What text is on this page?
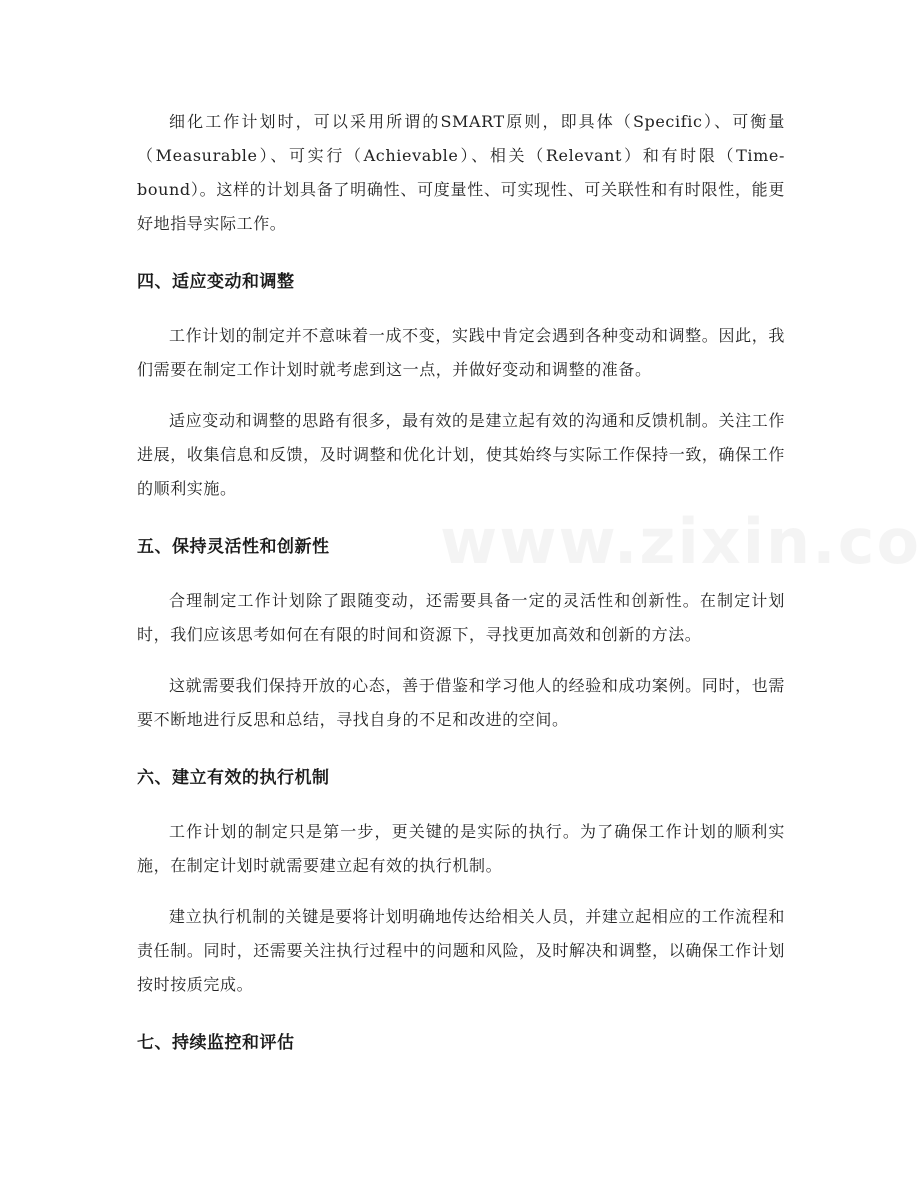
细化工作计划时，可以采用所谓的SMART原则，即具体（Specific）、可衡量（Measurable）、可实行（Achievable）、相关（Relevant）和有时限（Time-bound）。这样的计划具备了明确性、可度量性、可实现性、可关联性和有时限性，能更好地指导实际工作。

四、适应变动和调整

工作计划的制定并不意味着一成不变，实践中肯定会遇到各种变动和调整。因此，我们需要在制定工作计划时就考虑到这一点，并做好变动和调整的准备。

适应变动和调整的思路有很多，最有效的是建立起有效的沟通和反馈机制。关注工作进展，收集信息和反馈，及时调整和优化计划，使其始终与实际工作保持一致，确保工作的顺利实施。

五、保持灵活性和创新性

合理制定工作计划除了跟随变动，还需要具备一定的灵活性和创新性。在制定计划时，我们应该思考如何在有限的时间和资源下，寻找更加高效和创新的方法。

这就需要我们保持开放的心态，善于借鉴和学习他人的经验和成功案例。同时，也需要不断地进行反思和总结，寻找自身的不足和改进的空间。

六、建立有效的执行机制

工作计划的制定只是第一步，更关键的是实际的执行。为了确保工作计划的顺利实施，在制定计划时就需要建立起有效的执行机制。

建立执行机制的关键是要将计划明确地传达给相关人员，并建立起相应的工作流程和责任制。同时，还需要关注执行过程中的问题和风险，及时解决和调整，以确保工作计划按时按质完成。

七、持续监控和评估
